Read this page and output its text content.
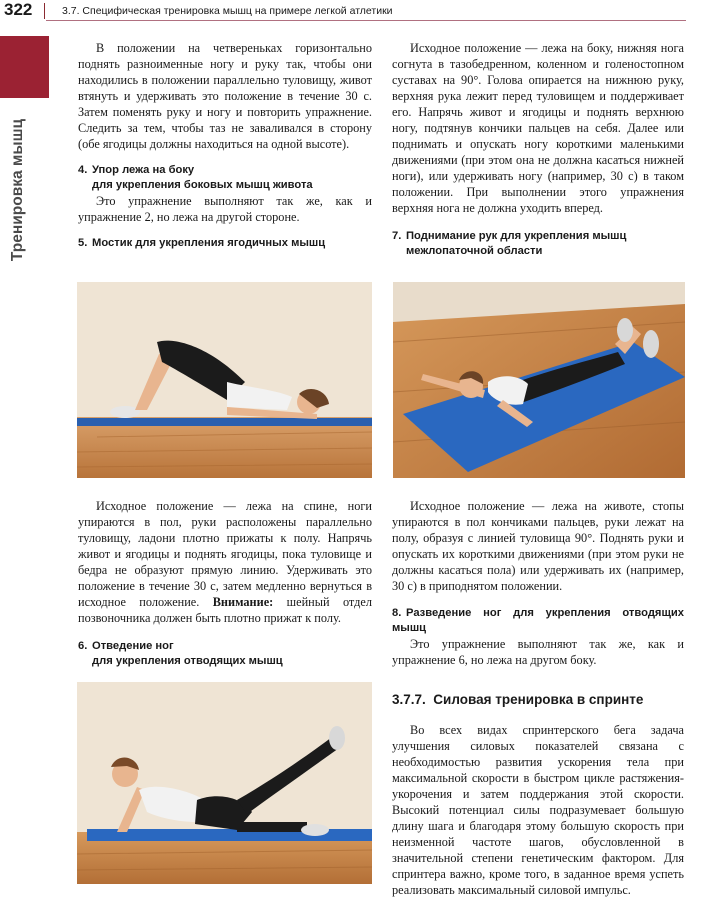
322	3.7. Специфическая тренировка мышц на примере легкой атлетики
Тренировка мышц

В положении на четвереньках горизонтально поднять разноименные ногу и руку так, чтобы они находились в положении параллельно туловищу, живот втянуть и удерживать это положение в течение 30 с. Затем поменять руку и ногу и повторить упражнение. Следить за тем, чтобы таз не заваливался в сторону (обе ягодицы должны находиться на одной высоте).

4. Упор лежа на боку
для укрепления боковых мышц живота

Это упражнение выполняют так же, как и упражнение 2, но лежа на другой стороне.

5. Мостик для укрепления ягодичных мышц

Исходное положение — лежа на спине, ноги упираются в пол, руки расположены параллельно туловищу, ладони плотно прижаты к полу. Напрячь живот и ягодицы и поднять ягодицы, пока туловище и бедра не образуют прямую линию. Удерживать это положение в течение 30 с, затем медленно вернуться в исходное положение. Внимание: шейный отдел позвоночника должен быть плотно прижат к полу.

6. Отведение ног
для укрепления отводящих мышц

Исходное положение — лежа на боку, нижняя нога согнута в тазобедренном, коленном и голеностопном суставах на 90°. Голова опирается на нижнюю руку, верхняя рука лежит перед туловищем и поддерживает его. Напрячь живот и ягодицы и поднять верхнюю ногу, подтянув кончики пальцев на себя. Далее или поднимать и опускать ногу короткими маленькими движениями (при этом она не должна касаться нижней ноги), или удерживать ногу (например, 30 с) в таком положении. При выполнении этого упражнения верхняя нога не должна уходить вперед.

7. Поднимание рук для укрепления мышц
межлопаточной области

Исходное положение — лежа на животе, стопы упираются в пол кончиками пальцев, руки лежат на полу, образуя с линией туловища 90°. Поднять руки и опускать их короткими движениями (при этом руки не должны касаться пола) или удерживать их (например, 30 с) в приподнятом положении.

8. Разведение ног для укрепления отводящих мышц

Это упражнение выполняют так же, как и упражнение 6, но лежа на другом боку.

3.7.7. Силовая тренировка в спринте

Во всех видах спринтерского бега задача улучшения силовых показателей связана с необходимостью развития ускорения тела при максимальной скорости в быстром цикле растяжения-укорочения и затем поддержания этой скорости. Высокий потенциал силы подразумевает большую длину шага и благодаря этому большую скорость при неизменной частоте шагов, обусловленной в значительной степени генетическим фактором. Для спринтера важно, кроме того, в заданное время успеть реализовать максимальный силовой импульс.
